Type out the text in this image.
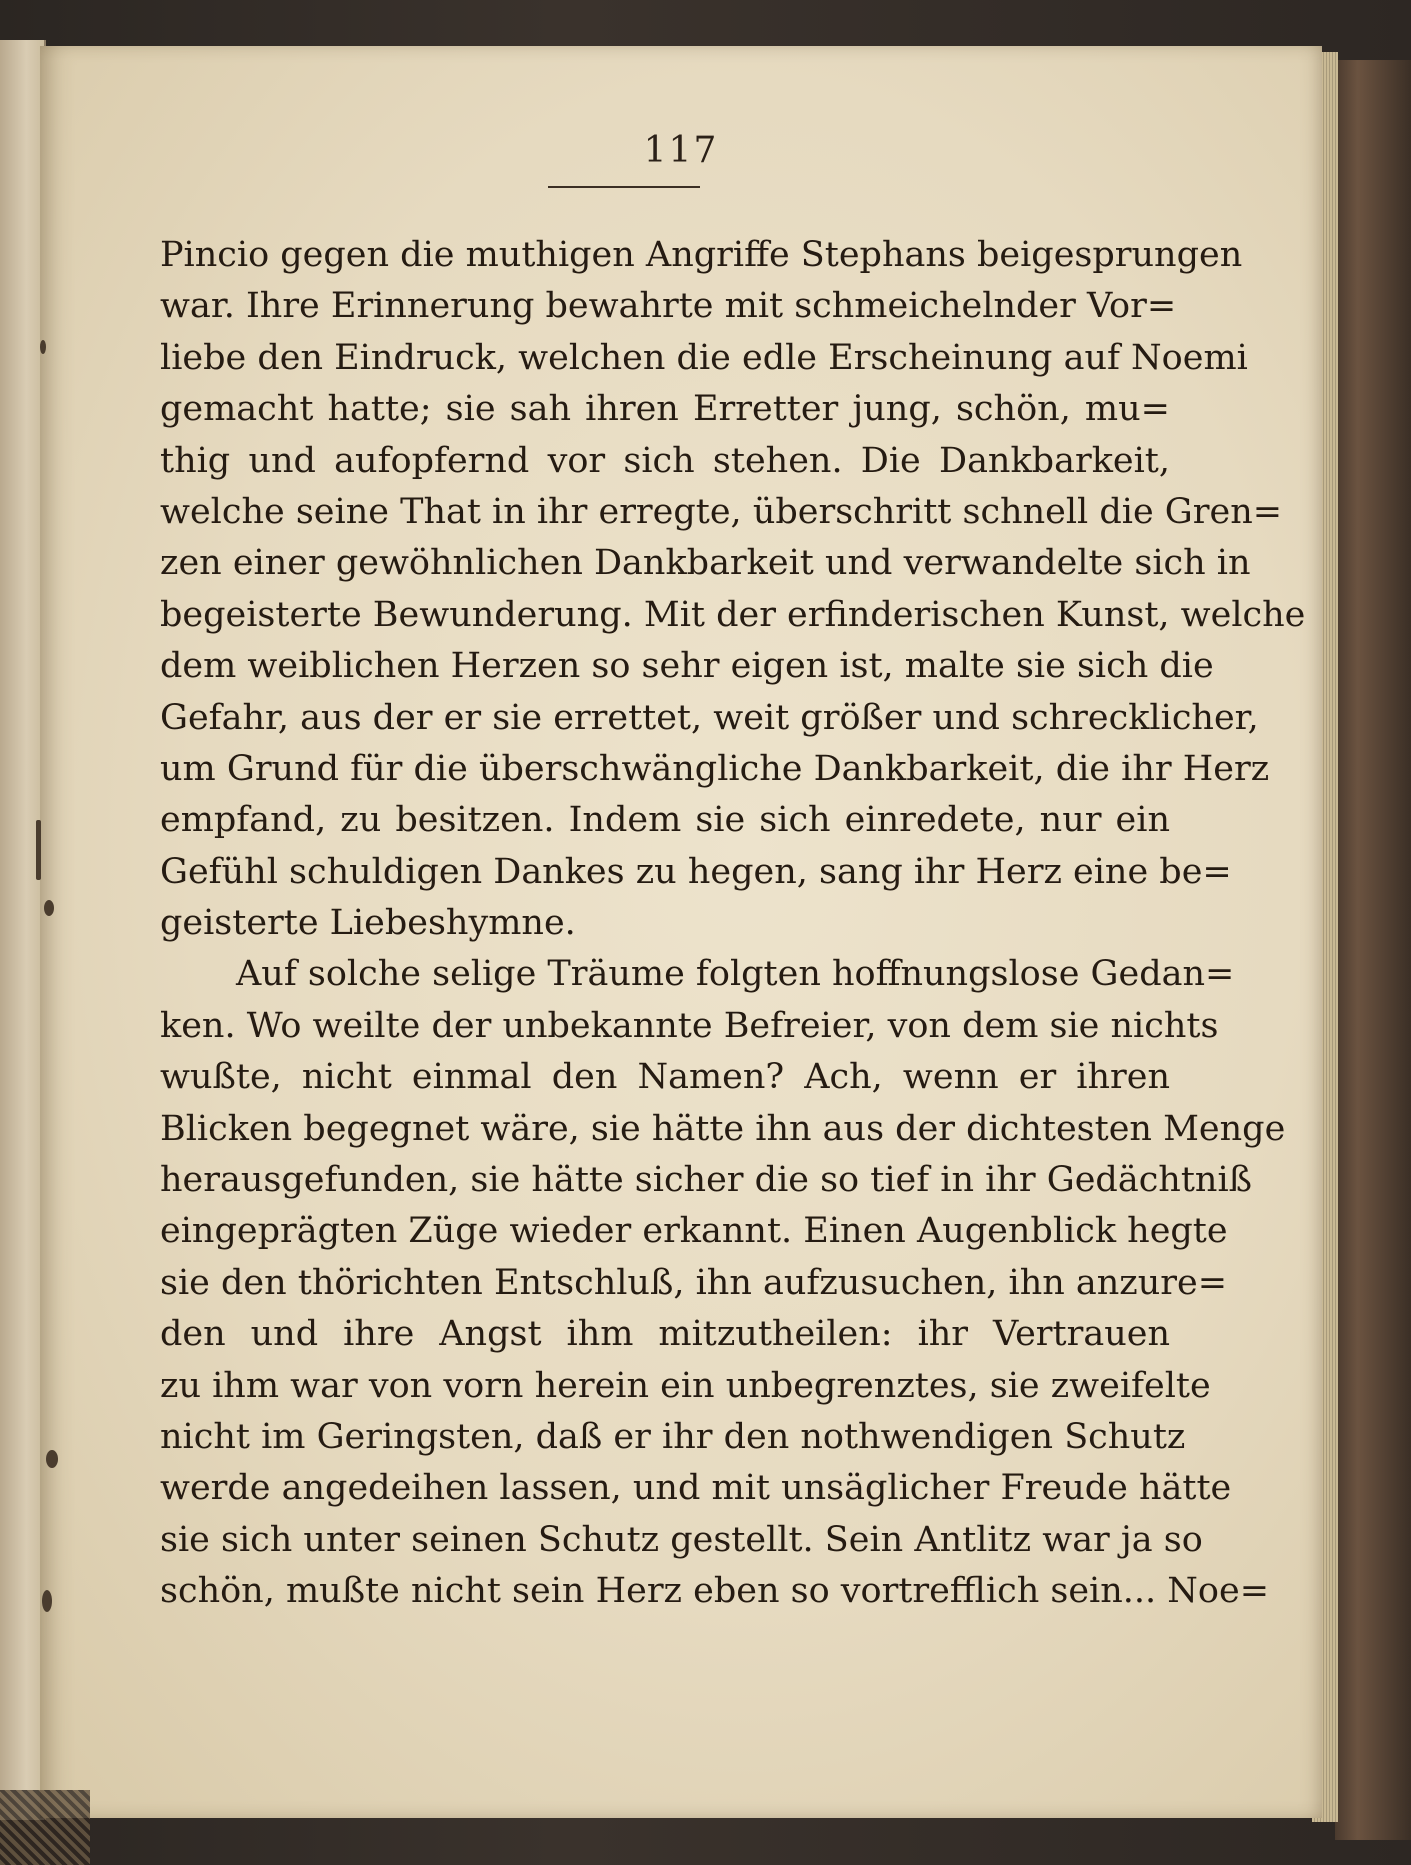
117
Pincio gegen die muthigen Angriffe Stephans beigesprungen
war. Ihre Erinnerung bewahrte mit schmeichelnder Vor=
liebe den Eindruck, welchen die edle Erscheinung auf Noemi
gemacht hatte; sie sah ihren Erretter jung, schön, mu=
thig und aufopfernd vor sich stehen. Die Dankbarkeit,
welche seine That in ihr erregte, überschritt schnell die Gren=
zen einer gewöhnlichen Dankbarkeit und verwandelte sich in
begeisterte Bewunderung. Mit der erfinderischen Kunst, welche
dem weiblichen Herzen so sehr eigen ist, malte sie sich die
Gefahr, aus der er sie errettet, weit größer und schrecklicher,
um Grund für die überschwängliche Dankbarkeit, die ihr Herz
empfand, zu besitzen. Indem sie sich einredete, nur ein
Gefühl schuldigen Dankes zu hegen, sang ihr Herz eine be=
geisterte Liebeshymne.
Auf solche selige Träume folgten hoffnungslose Gedan=
ken. Wo weilte der unbekannte Befreier, von dem sie nichts
wußte, nicht einmal den Namen? Ach, wenn er ihren
Blicken begegnet wäre, sie hätte ihn aus der dichtesten Menge
herausgefunden, sie hätte sicher die so tief in ihr Gedächtniß
eingeprägten Züge wieder erkannt. Einen Augenblick hegte
sie den thörichten Entschluß, ihn aufzusuchen, ihn anzure=
den und ihre Angst ihm mitzutheilen: ihr Vertrauen
zu ihm war von vorn herein ein unbegrenztes, sie zweifelte
nicht im Geringsten, daß er ihr den nothwendigen Schutz
werde angedeihen lassen, und mit unsäglicher Freude hätte
sie sich unter seinen Schutz gestellt. Sein Antlitz war ja so
schön, mußte nicht sein Herz eben so vortrefflich sein... Noe=
